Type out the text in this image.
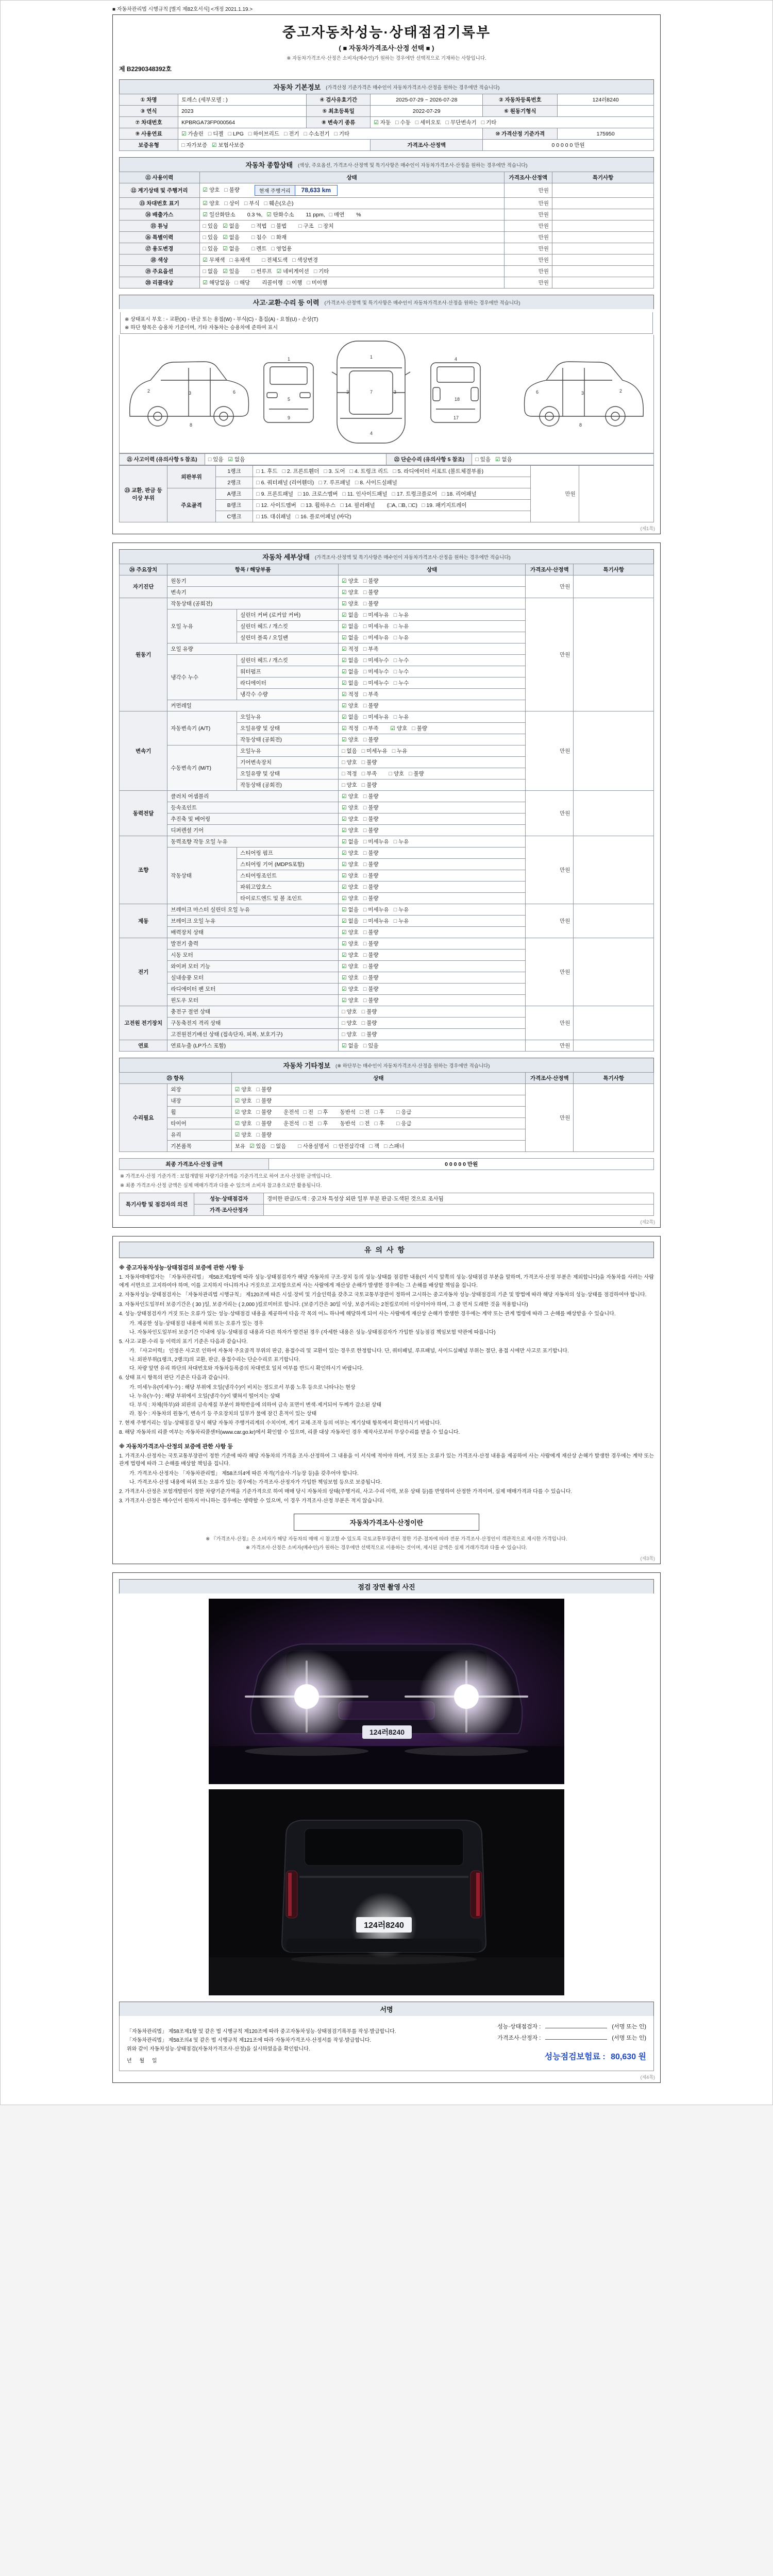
■ 자동차관리법 시행규칙 [별지 제82호서식] <개정 2021.1.19.>
중고자동차성능·상태점검기록부
( ■ 자동차가격조사·산정 선택 ■ )
※ 자동차가격조사·산정은 소비자(매수인)가 원하는 경우에만 선택적으로 기재하는 사항입니다.
제 B2290348392호
자동차 기본정보 (가격산정 기준가격은 매수인이 자동차가격조사·산정을 원하는 경우에만 적습니다)
① 차명	토레스 (세부모델 : )	④ 검사유효기간	2025-07-29 ~ 2026-07-28	② 자동차등록번호	124러8240
③ 연식	2023	⑤ 최초등록일	2022-07-29	⑥ 원동기형식	
⑦ 차대번호	KPBRGA73FP000564	⑧ 변속기 종류	☑ 자동 □ 수동 □ 세미오토 □ 무단변속기 □ 기타		
⑨ 사용연료	☑ 가솔린 □ 디젤 □ LPG □ 하이브리드 □ 전기 □ 수소전기 □ 기타			⑩ 가격산정 기준가격	175950
보증유형	□ 자가보증 ☑ 보험사보증		가격조사·산정액	0 0 0 0 0 만원	
자동차 종합상태 (색상, 주요옵션, 가격조사·산정액 및 특기사항은 매수인이 자동차가격조사·산정을 원하는 경우에만 적습니다)
⑪ 사용이력	상태	가격조사·산정액	특기사항
⑫ 계기상태 및 주행거리	☑ 양호 □ 불량 현재 주행거리 78,633 km	만원	
⑬ 차대번호 표기	☑ 양호 □ 상이 □ 부식 □ 훼손(오손)	만원	
⑭ 배출가스	☑ 일산화탄소 0.3 %, ☑ 탄화수소 11 ppm, □ 매연 %	만원	
⑮ 튜닝	□ 있음 ☑ 없음 □ 적법 □ 불법 □ 구조 □ 장치	만원	
⑯ 특별이력	□ 있음 ☑ 없음 □ 침수 □ 화재	만원	
⑰ 용도변경	□ 있음 ☑ 없음 □ 렌트 □ 영업용	만원	
⑱ 색상	☑ 무채색 □ 유채색 □ 전체도색 □ 색상변경	만원	
⑲ 주요옵션	□ 없음 ☑ 있음 □ 썬루프 ☑ 네비게이션 □ 기타	만원	
⑳ 리콜대상	☑ 해당없음 □ 해당 리콜이행 □ 이행 □ 미이행	만원	
사고·교환·수리 등 이력 (가격조사·산정액 및 특기사항은 매수인이 자동차가격조사·산정을 원하는 경우에만 적습니다)
※ 상태표시 부호 : ◦ 교환(X) ◦ 판금 또는 용접(W) ◦ 부식(C) ◦ 흠집(A) ◦ 요철(U) ◦ 손상(T)
※ 하단 항목은 승용차 기준이며, 기타 자동차는 승용차에 준하여 표시
2	3	6
8
1
5
9
1
7
4
3	3
4
18
17
6	3	2
8
㉑ 사고이력 (유의사항 5 참조)	□ 있음 ☑ 없음	㉒ 단순수리 (유의사항 5 참조)	□ 있음 ☑ 없음
㉓ 교환, 판금 등 이상 부위	외판부위	1랭크	□ 1. 후드 □ 2. 프론트휀더 □ 3. 도어 □ 4. 트렁크 리드 □ 5. 라디에이터 서포트 (볼트체결부품)	만원	
		2랭크	□ 6. 쿼터패널 (리어휀더) □ 7. 루프패널 □ 8. 사이드실패널		
	주요골격	A랭크	□ 9. 프론트패널 □ 10. 크로스멤버 □ 11. 인사이드패널 □ 17. 트렁크플로어 □ 18. 리어패널		
		B랭크	□ 12. 사이드멤버 □ 13. 휠하우스 □ 14. 필러패널 (□A, □B, □C) □ 19. 패키지트레이		
		C랭크	□ 15. 대쉬패널 □ 16. 플로어패널 (바닥)		
(제1쪽)
자동차 세부상태 (가격조사·산정액 및 특기사항은 매수인이 자동차가격조사·산정을 원하는 경우에만 적습니다)
㉔ 주요장치	항목 / 해당부품		상태	가격조사·산정액	특기사항
자기진단	원동기		☑ 양호 □ 불량	만원	
	변속기		☑ 양호 □ 불량		
원동기	작동상태 (공회전)		☑ 양호 □ 불량	만원	
	오일 누유	실린더 커버 (로커암 커버)	☑ 없음 □ 미세누유 □ 누유		
		실린더 헤드 / 개스킷	☑ 없음 □ 미세누유 □ 누유		
		실린더 블록 / 오일팬	☑ 없음 □ 미세누유 □ 누유		
	오일 유량		☑ 적정 □ 부족		
	냉각수 누수	실린더 헤드 / 개스킷	☑ 없음 □ 미세누수 □ 누수		
		워터펌프	☑ 없음 □ 미세누수 □ 누수		
		라디에이터	☑ 없음 □ 미세누수 □ 누수		
		냉각수 수량	☑ 적정 □ 부족		
	커먼레일		☑ 양호 □ 불량		
변속기	자동변속기 (A/T)	오일누유	☑ 없음 □ 미세누유 □ 누유	만원	
		오일유량 및 상태	☑ 적정 □ 부족 ☑ 양호 □ 불량		
		작동상태 (공회전)	☑ 양호 □ 불량		
	수동변속기 (M/T)	오일누유	□ 없음 □ 미세누유 □ 누유		
		기어변속장치	□ 양호 □ 불량		
		오일유량 및 상태	□ 적정 □ 부족 □ 양호 □ 불량		
		작동상태 (공회전)	□ 양호 □ 불량		
동력전달	클러치 어셈블리		☑ 양호 □ 불량	만원	
	등속조인트		☑ 양호 □ 불량		
	추진축 및 베어링		☑ 양호 □ 불량		
	디퍼렌셜 기어		☑ 양호 □ 불량		
조향	동력조향 작동 오일 누유		☑ 없음 □ 미세누유 □ 누유	만원	
	작동상태	스티어링 펌프	☑ 양호 □ 불량		
		스티어링 기어 (MDPS포함)	☑ 양호 □ 불량		
		스티어링조인트	☑ 양호 □ 불량		
		파워고압호스	☑ 양호 □ 불량		
		타이로드엔드 및 볼 조인트	☑ 양호 □ 불량		
제동	브레이크 마스터 실린더 오일 누유		☑ 없음 □ 미세누유 □ 누유	만원	
	브레이크 오일 누유		☑ 없음 □ 미세누유 □ 누유		
	배력장치 상태		☑ 양호 □ 불량		
전기	발전기 출력		☑ 양호 □ 불량	만원	
	시동 모터		☑ 양호 □ 불량		
	와이퍼 모터 기능		☑ 양호 □ 불량		
	실내송풍 모터		☑ 양호 □ 불량		
	라디에이터 팬 모터		☑ 양호 □ 불량		
	윈도우 모터		☑ 양호 □ 불량		
고전원 전기장치	충전구 절연 상태		□ 양호 □ 불량	만원	
	구동축전지 격리 상태		□ 양호 □ 불량		
	고전원전기배선 상태 (접속단자, 피복, 보호기구)		□ 양호 □ 불량		
연료	연료누출 (LP가스 포함)		☑ 없음 □ 있음	만원	
자동차 기타정보 (※ 하단부는 매수인이 자동차가격조사·산정을 원하는 경우에만 적습니다)
㉕ 항목		상태	가격조사·산정액	특기사항
수리필요	외장	☑ 양호 □ 불량	만원	
	내장	☑ 양호 □ 불량		
	휠	☑ 양호 □ 불량 운전석 □ 전 □ 후 동반석 □ 전 □ 후 □ 응급		
	타이어	☑ 양호 □ 불량 운전석 □ 전 □ 후 동반석 □ 전 □ 후 □ 응급		
	유리	☑ 양호 □ 불량		
	기본품목	보유 ☑ 있음 □ 없음 □ 사용설명서 □ 안전삼각대 □ 잭 □ 스패너		
최종 가격조사·산정 금액	0 0 0 0 0 만원
※ 가격조사·산정 기준가격 : 보험개발원 차량기준가액을 기준가격으로 하여 조사·산정한 금액입니다.
※ 최종 가격조사·산정 금액은 실제 매매가격과 다를 수 있으며 소비자 참고용으로만 활용됩니다.
특기사항 및 점검자의 의견	성능·상태점검자	경미한 판금/도색 : 중고차 특성상 외판 일부 부분 판금·도색된 것으로 조사됨
	가격·조사산정자	
(제2쪽)
유의사항
※ 중고자동차성능·상태점검의 보증에 관한 사항 등
1. 자동차매매업자는 「자동차관리법」 제58조제1항에 따라 성능·상태점검자가 해당 자동차의 구조·장치 등의 성능·상태를 점검한 내용(이 서식 앞쪽의 성능·상태점검 부분을 말하며, 가격조사·산정 부분은 제외합니다)을 자동차를 사려는 사람에게 서면으로 고지하여야 하며, 이를 고지하지 아니하거나 거짓으로 고지함으로써 사는 사람에게 재산상 손해가 발생한 경우에는 그 손해를 배상할 책임을 집니다.
2. 자동차성능·상태점검자는 「자동차관리법 시행규칙」 제120조에 따른 시설·장비 및 기술인력을 갖추고 국토교통부장관이 정하여 고시하는 중고자동차 성능·상태점검의 기준 및 방법에 따라 해당 자동차의 성능·상태를 점검하여야 합니다.
3. 자동차인도일부터 보증기간은 ( 30 )일, 보증거리는 ( 2,000 )킬로미터로 합니다. (보증기간은 30일 이상, 보증거리는 2천킬로미터 이상이어야 하며, 그 중 먼저 도래한 것을 적용합니다)
4. 성능·상태점검자가 거짓 또는 오류가 있는 성능·상태점검 내용을 제공하여 다음 각 목의 어느 하나에 해당하게 되어 사는 사람에게 재산상 손해가 발생한 경우에는 계약 또는 관계 법령에 따라 그 손해를 배상받을 수 있습니다.
가. 제공한 성능·상태점검 내용에 허위 또는 오류가 있는 경우
나. 자동차인도일부터 보증기간 이내에 성능·상태점검 내용과 다른 하자가 발견된 경우 (자세한 내용은 성능·상태점검자가 가입한 성능점검 책임보험 약관에 따릅니다)
5. 사고·교환·수리 등 이력의 표기 기준은 다음과 같습니다.
가. 『사고이력』 인정은 사고로 인하여 자동차 주요골격 부위의 판금, 용접수리 및 교환이 있는 경우로 한정합니다. 단, 쿼터패널, 루프패널, 사이드실패널 부위는 절단, 용접 시에만 사고로 표기합니다.
나. 외판부위(1랭크, 2랭크)의 교환, 판금, 용접수리는 단순수리로 표기합니다.
다. 차량 앞면 유리 하단의 차대번호와 자동차등록증의 차대번호 일치 여부를 반드시 확인하시기 바랍니다.
6. 상태 표시 항목의 판단 기준은 다음과 같습니다.
가. 미세누유(미세누수) : 해당 부위에 오일(냉각수)이 비치는 정도로서 부품 노후 등으로 나타나는 현상
나. 누유(누수) : 해당 부위에서 오일(냉각수)이 맺혀서 떨어지는 상태
다. 부식 : 차체(하부)와 외판의 금속재질 부분이 화학반응에 의하여 금속 표면이 변색·제거되어 두께가 감소된 상태
라. 침수 : 자동차의 원동기, 변속기 등 주요장치의 일부가 물에 잠긴 흔적이 있는 상태
7. 현재 주행거리는 성능·상태점검 당시 해당 자동차 주행거리계의 수치이며, 계기 교체·조작 등의 여부는 계기상태 항목에서 확인하시기 바랍니다.
8. 해당 자동차의 리콜 여부는 자동차리콜센터(www.car.go.kr)에서 확인할 수 있으며, 리콜 대상 자동차인 경우 제작사로부터 무상수리를 받을 수 있습니다.
※ 자동차가격조사·산정의 보증에 관한 사항 등
1. 가격조사·산정자는 국토교통부장관이 정한 기준에 따라 해당 자동차의 가격을 조사·산정하여 그 내용을 이 서식에 적어야 하며, 거짓 또는 오류가 있는 가격조사·산정 내용을 제공하여 사는 사람에게 재산상 손해가 발생한 경우에는 계약 또는 관계 법령에 따라 그 손해를 배상할 책임을 집니다.
가. 가격조사·산정자는 「자동차관리법」 제58조의4에 따른 자격(기술사·기능장 등)을 갖추어야 합니다.
나. 가격조사·산정 내용에 허위 또는 오류가 있는 경우에는 가격조사·산정자가 가입한 책임보험 등으로 보증됩니다.
2. 가격조사·산정은 보험개발원이 정한 차량기준가액을 기준가격으로 하여 매매 당시 자동차의 상태(주행거리, 사고·수리 이력, 보유 상태 등)를 반영하여 산정한 가격이며, 실제 매매가격과 다를 수 있습니다.
3. 가격조사·산정은 매수인이 원하지 아니하는 경우에는 생략할 수 있으며, 이 경우 가격조사·산정 부분은 적지 않습니다.
자동차가격조사·산정이란
※ 『가격조사·산정』은 소비자가 해당 자동차의 매매 시 참고할 수 있도록 국토교통부장관이 정한 기준·절차에 따라 전문 가격조사·산정인이 객관적으로 제시한 가격입니다.
※ 가격조사·산정은 소비자(매수인)가 원하는 경우에만 선택적으로 이용하는 것이며, 제시된 금액은 실제 거래가격과 다를 수 있습니다.
(제3쪽)
점검 장면 촬영 사진
124러8240
124러8240
서명
「자동차관리법」 제58조제1항 및 같은 법 시행규칙 제120조에 따라 중고자동차성능·상태점검기록부를 작성·발급합니다.
「자동차관리법」 제58조의4 및 같은 법 시행규칙 제121조에 따라 자동차가격조사·산정서를 작성·발급합니다.
위와 같이 자동차성능·상태점검(자동차가격조사·산정)을 실시하였음을 확인합니다.
년 월 일
성능·상태점검자 :	(서명 또는 인)
가격조사·산정자 :	(서명 또는 인)
성능점검보험료 : 80,630 원
(제4쪽)
